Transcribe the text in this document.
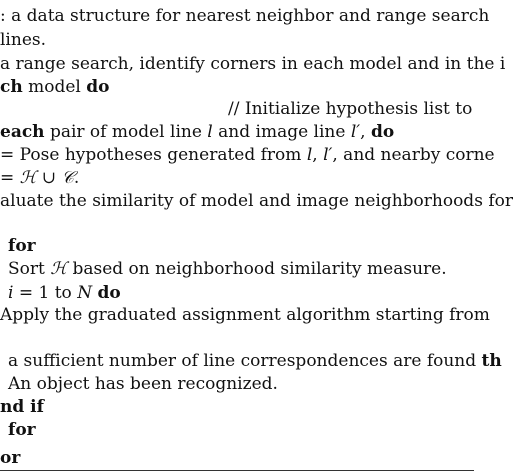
: a data structure for nearest neighbor and range search
lines.
a range search, identify corners in each model and in the i
ch model do

// Initialize hypothesis list to
each pair of model line l and image line l′, do
= Pose hypotheses generated from l, l′, and nearby corne
= ℋ ∪ 𝒞.
aluate the similarity of model and image neighborhoods for
for
Sort ℋ based on neighborhood similarity measure.
i = 1 to N do
Apply the graduated assignment algorithm starting from
a sufficient number of line correspondences are found th
An object has been recognized.
nd if
for
or
